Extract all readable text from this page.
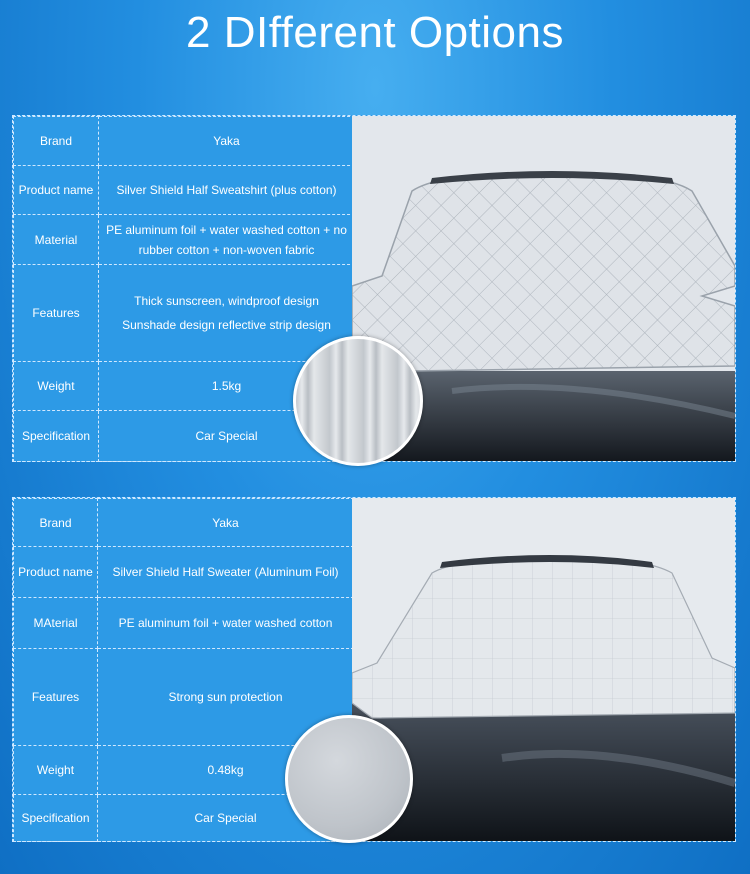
2 DIfferent Options
Brand	Yaka
Product name	Silver Shield Half Sweatshirt (plus cotton)
Material	PE aluminum foil + water washed cotton + no
rubber cotton + non-woven fabric

Features	Thick sunscreen, windproof design
Sunshade design reflective strip design

Weight	1.5kg
Specification	Car Special
Brand	Yaka
Product name	Silver Shield Half Sweater (Aluminum Foil)
MAterial	PE aluminum foil + water washed cotton
Features	Strong sun protection
Weight	0.48kg
Specification	Car Special
